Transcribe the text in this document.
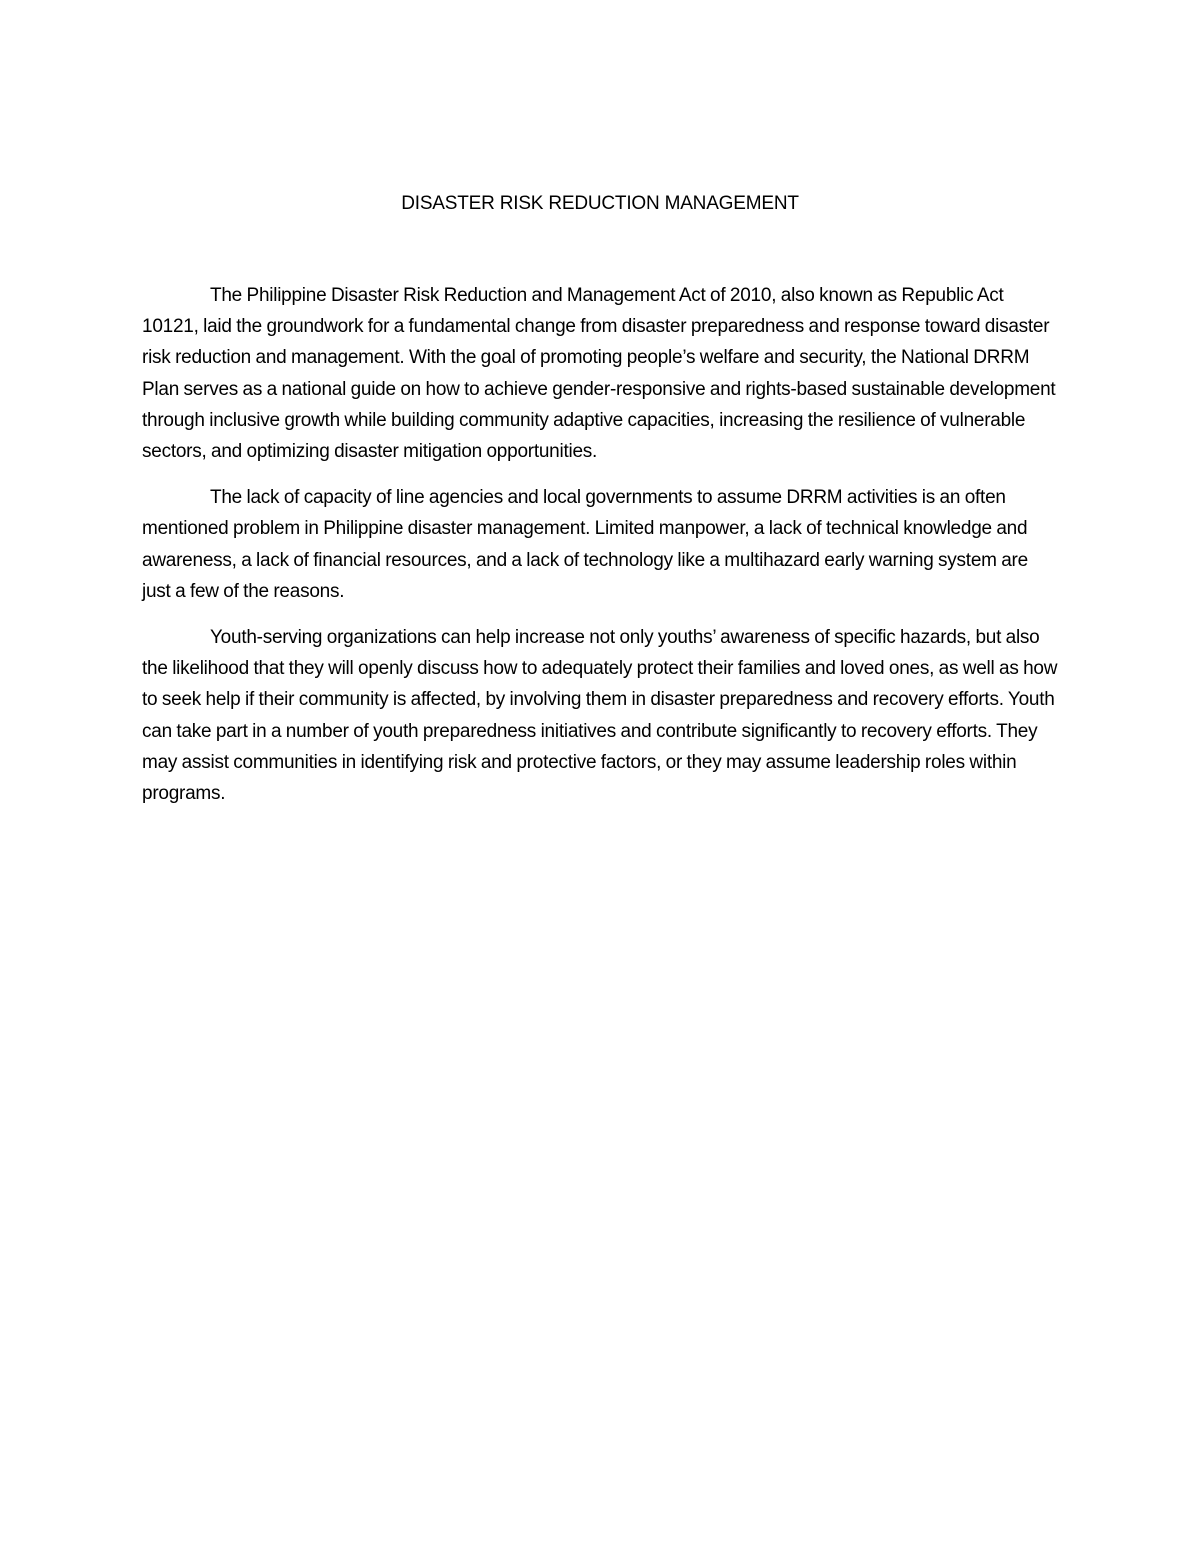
DISASTER RISK REDUCTION MANAGEMENT

The Philippine Disaster Risk Reduction and Management Act of 2010, also known as Republic Act 10121, laid the groundwork for a fundamental change from disaster preparedness and response toward disaster risk reduction and management. With the goal of promoting people’s welfare and security, the National DRRM Plan serves as a national guide on how to achieve gender-responsive and rights-based sustainable development through inclusive growth while building community adaptive capacities, increasing the resilience of vulnerable sectors, and optimizing disaster mitigation opportunities.

The lack of capacity of line agencies and local governments to assume DRRM activities is an often mentioned problem in Philippine disaster management. Limited manpower, a lack of technical knowledge and awareness, a lack of financial resources, and a lack of technology like a multihazard early warning system are just a few of the reasons.

Youth-serving organizations can help increase not only youths’ awareness of specific hazards, but also the likelihood that they will openly discuss how to adequately protect their families and loved ones, as well as how to seek help if their community is affected, by involving them in disaster preparedness and recovery efforts. Youth can take part in a number of youth preparedness initiatives and contribute significantly to recovery efforts. They may assist communities in identifying risk and protective factors, or they may assume leadership roles within programs.
